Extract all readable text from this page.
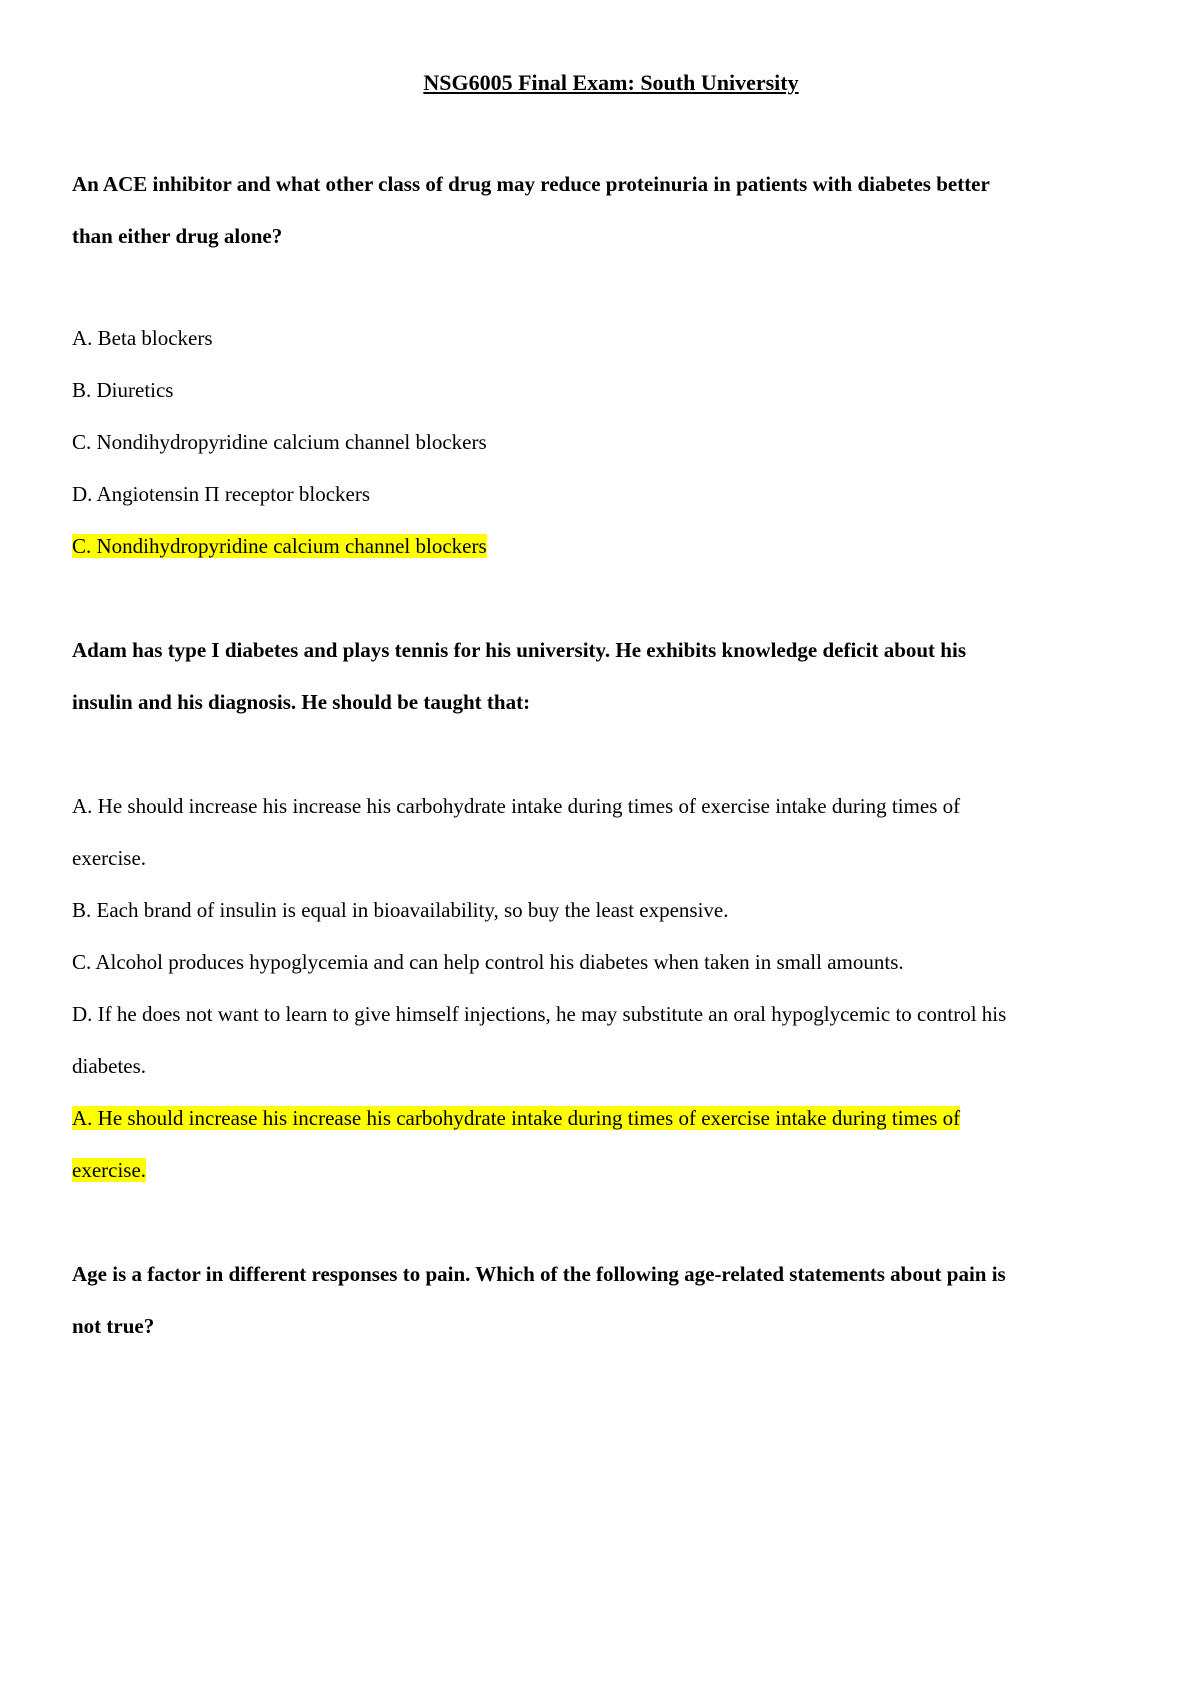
NSG6005 Final Exam: South University
An ACE inhibitor and what other class of drug may reduce proteinuria in patients with diabetes better
than either drug alone?
A. Beta blockers
B. Diuretics
C. Nondihydropyridine calcium channel blockers
D. Angiotensin Π receptor blockers
C. Nondihydropyridine calcium channel blockers
Adam has type I diabetes and plays tennis for his university. He exhibits knowledge deficit about his
insulin and his diagnosis. He should be taught that:
A. He should increase his increase his carbohydrate intake during times of exercise intake during times of
exercise.
B. Each brand of insulin is equal in bioavailability, so buy the least expensive.
C. Alcohol produces hypoglycemia and can help control his diabetes when taken in small amounts.
D. If he does not want to learn to give himself injections, he may substitute an oral hypoglycemic to control his
diabetes.
A. He should increase his increase his carbohydrate intake during times of exercise intake during times of
exercise.
Age is a factor in different responses to pain. Which of the following age-related statements about pain is
not true?
